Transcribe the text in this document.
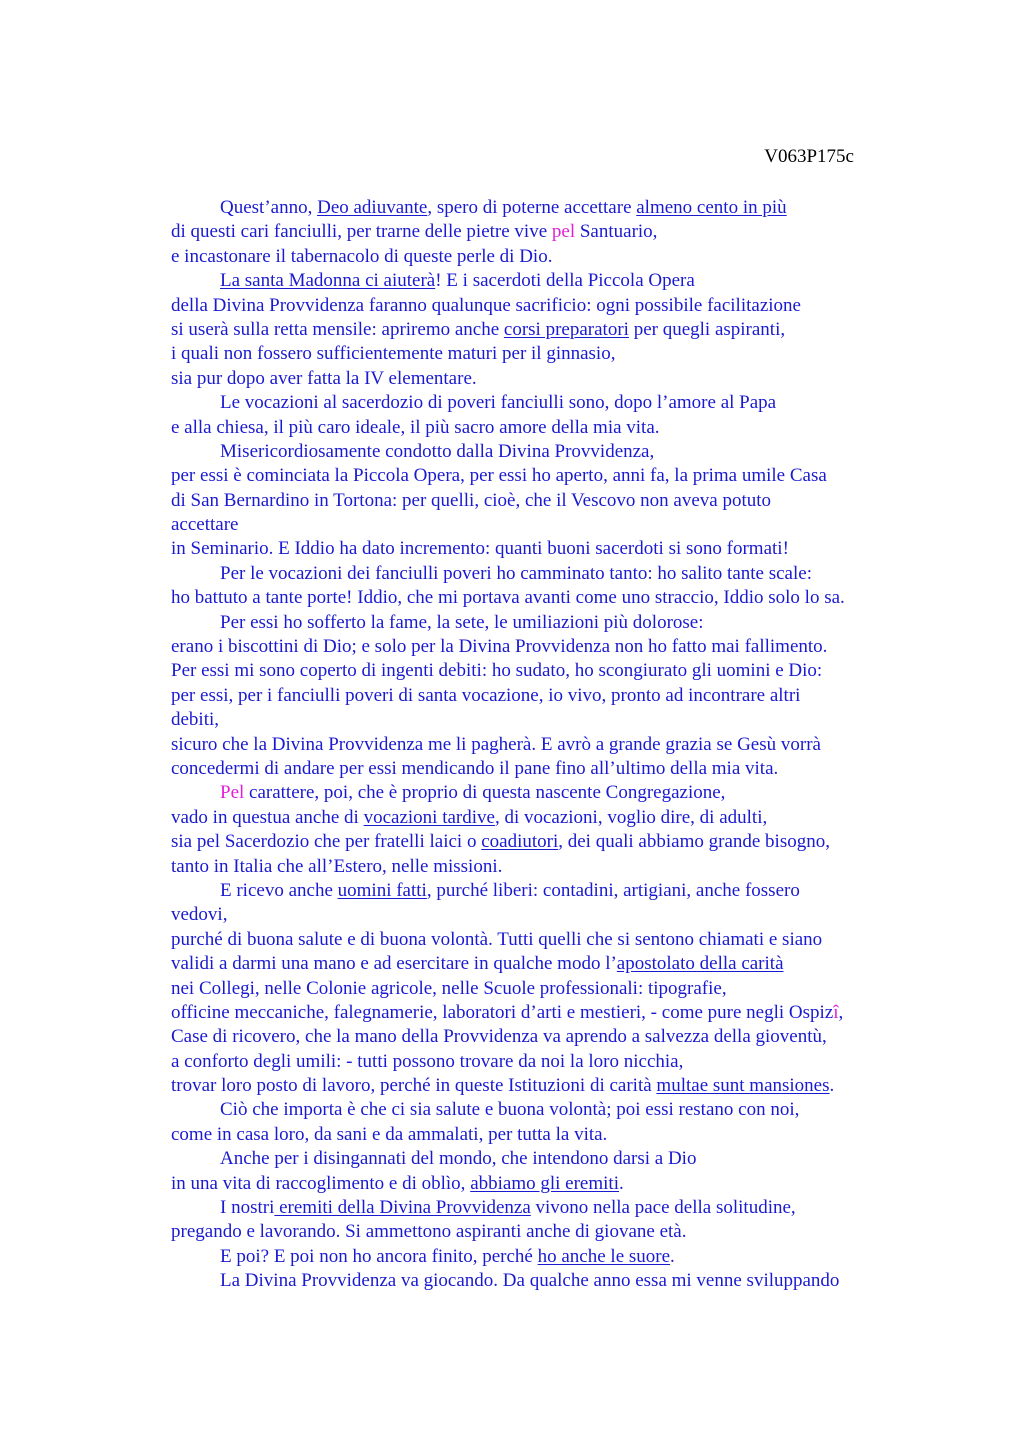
V063P175c
Quest’anno, Deo adiuvante, spero di poterne accettare almeno cento in più
di questi cari fanciulli, per trarne delle pietre vive pel Santuario,
e incastonare il tabernacolo di queste perle di Dio.
La santa Madonna ci aiuterà! E i sacerdoti della Piccola Opera
della Divina Provvidenza faranno qualunque sacrificio: ogni possibile facilitazione
si userà sulla retta mensile: apriremo anche corsi preparatori per quegli aspiranti,
i quali non fossero sufficientemente maturi per il ginnasio,
sia pur dopo aver fatta la IV elementare.
Le vocazioni al sacerdozio di poveri fanciulli sono, dopo l’amore al Papa
e alla chiesa, il più caro ideale, il più sacro amore della mia vita.
Misericordiosamente condotto dalla Divina Provvidenza,
per essi è cominciata la Piccola Opera, per essi ho aperto, anni fa, la prima umile Casa
di San Bernardino in Tortona: per quelli, cioè, che il Vescovo non aveva potuto
accettare
in Seminario. E Iddio ha dato incremento: quanti buoni sacerdoti si sono formati!
Per le vocazioni dei fanciulli poveri ho camminato tanto: ho salito tante scale:
ho battuto a tante porte! Iddio, che mi portava avanti come uno straccio, Iddio solo lo sa.
Per essi ho sofferto la fame, la sete, le umiliazioni più dolorose:
erano i biscottini di Dio; e solo per la Divina Provvidenza non ho fatto mai fallimento.
Per essi mi sono coperto di ingenti debiti: ho sudato, ho scongiurato gli uomini e Dio:
per essi, per i fanciulli poveri di santa vocazione, io vivo, pronto ad incontrare altri
debiti,
sicuro che la Divina Provvidenza me li pagherà. E avrò a grande grazia se Gesù vorrà
concedermi di andare per essi mendicando il pane fino all’ultimo della mia vita.
Pel carattere, poi, che è proprio di questa nascente Congregazione,
vado in questua anche di vocazioni tardive, di vocazioni, voglio dire, di adulti,
sia pel Sacerdozio che per fratelli laici o coadiutori, dei quali abbiamo grande bisogno,
tanto in Italia che all’Estero, nelle missioni.
E ricevo anche uomini fatti, purché liberi: contadini, artigiani, anche fossero
vedovi,
purché di buona salute e di buona volontà. Tutti quelli che si sentono chiamati e siano
validi a darmi una mano e ad esercitare in qualche modo l’apostolato della carità
nei Collegi, nelle Colonie agricole, nelle Scuole professionali: tipografie,
officine meccaniche, falegnamerie, laboratori d’arti e mestieri, - come pure negli Ospizî,
Case di ricovero, che la mano della Provvidenza va aprendo a salvezza della gioventù,
a conforto degli umili: - tutti possono trovare da noi la loro nicchia,
trovar loro posto di lavoro, perché in queste Istituzioni di carità multae sunt mansiones.
Ciò che importa è che ci sia salute e buona volontà; poi essi restano con noi,
come in casa loro, da sani e da ammalati, per tutta la vita.
Anche per i disingannati del mondo, che intendono darsi a Dio
in una vita di raccoglimento e di oblìo, abbiamo gli eremiti.
I nostri eremiti della Divina Provvidenza vivono nella pace della solitudine,
pregando e lavorando. Si ammettono aspiranti anche di giovane età.
E poi? E poi non ho ancora finito, perché ho anche le suore.
La Divina Provvidenza va giocando. Da qualche anno essa mi venne sviluppando
